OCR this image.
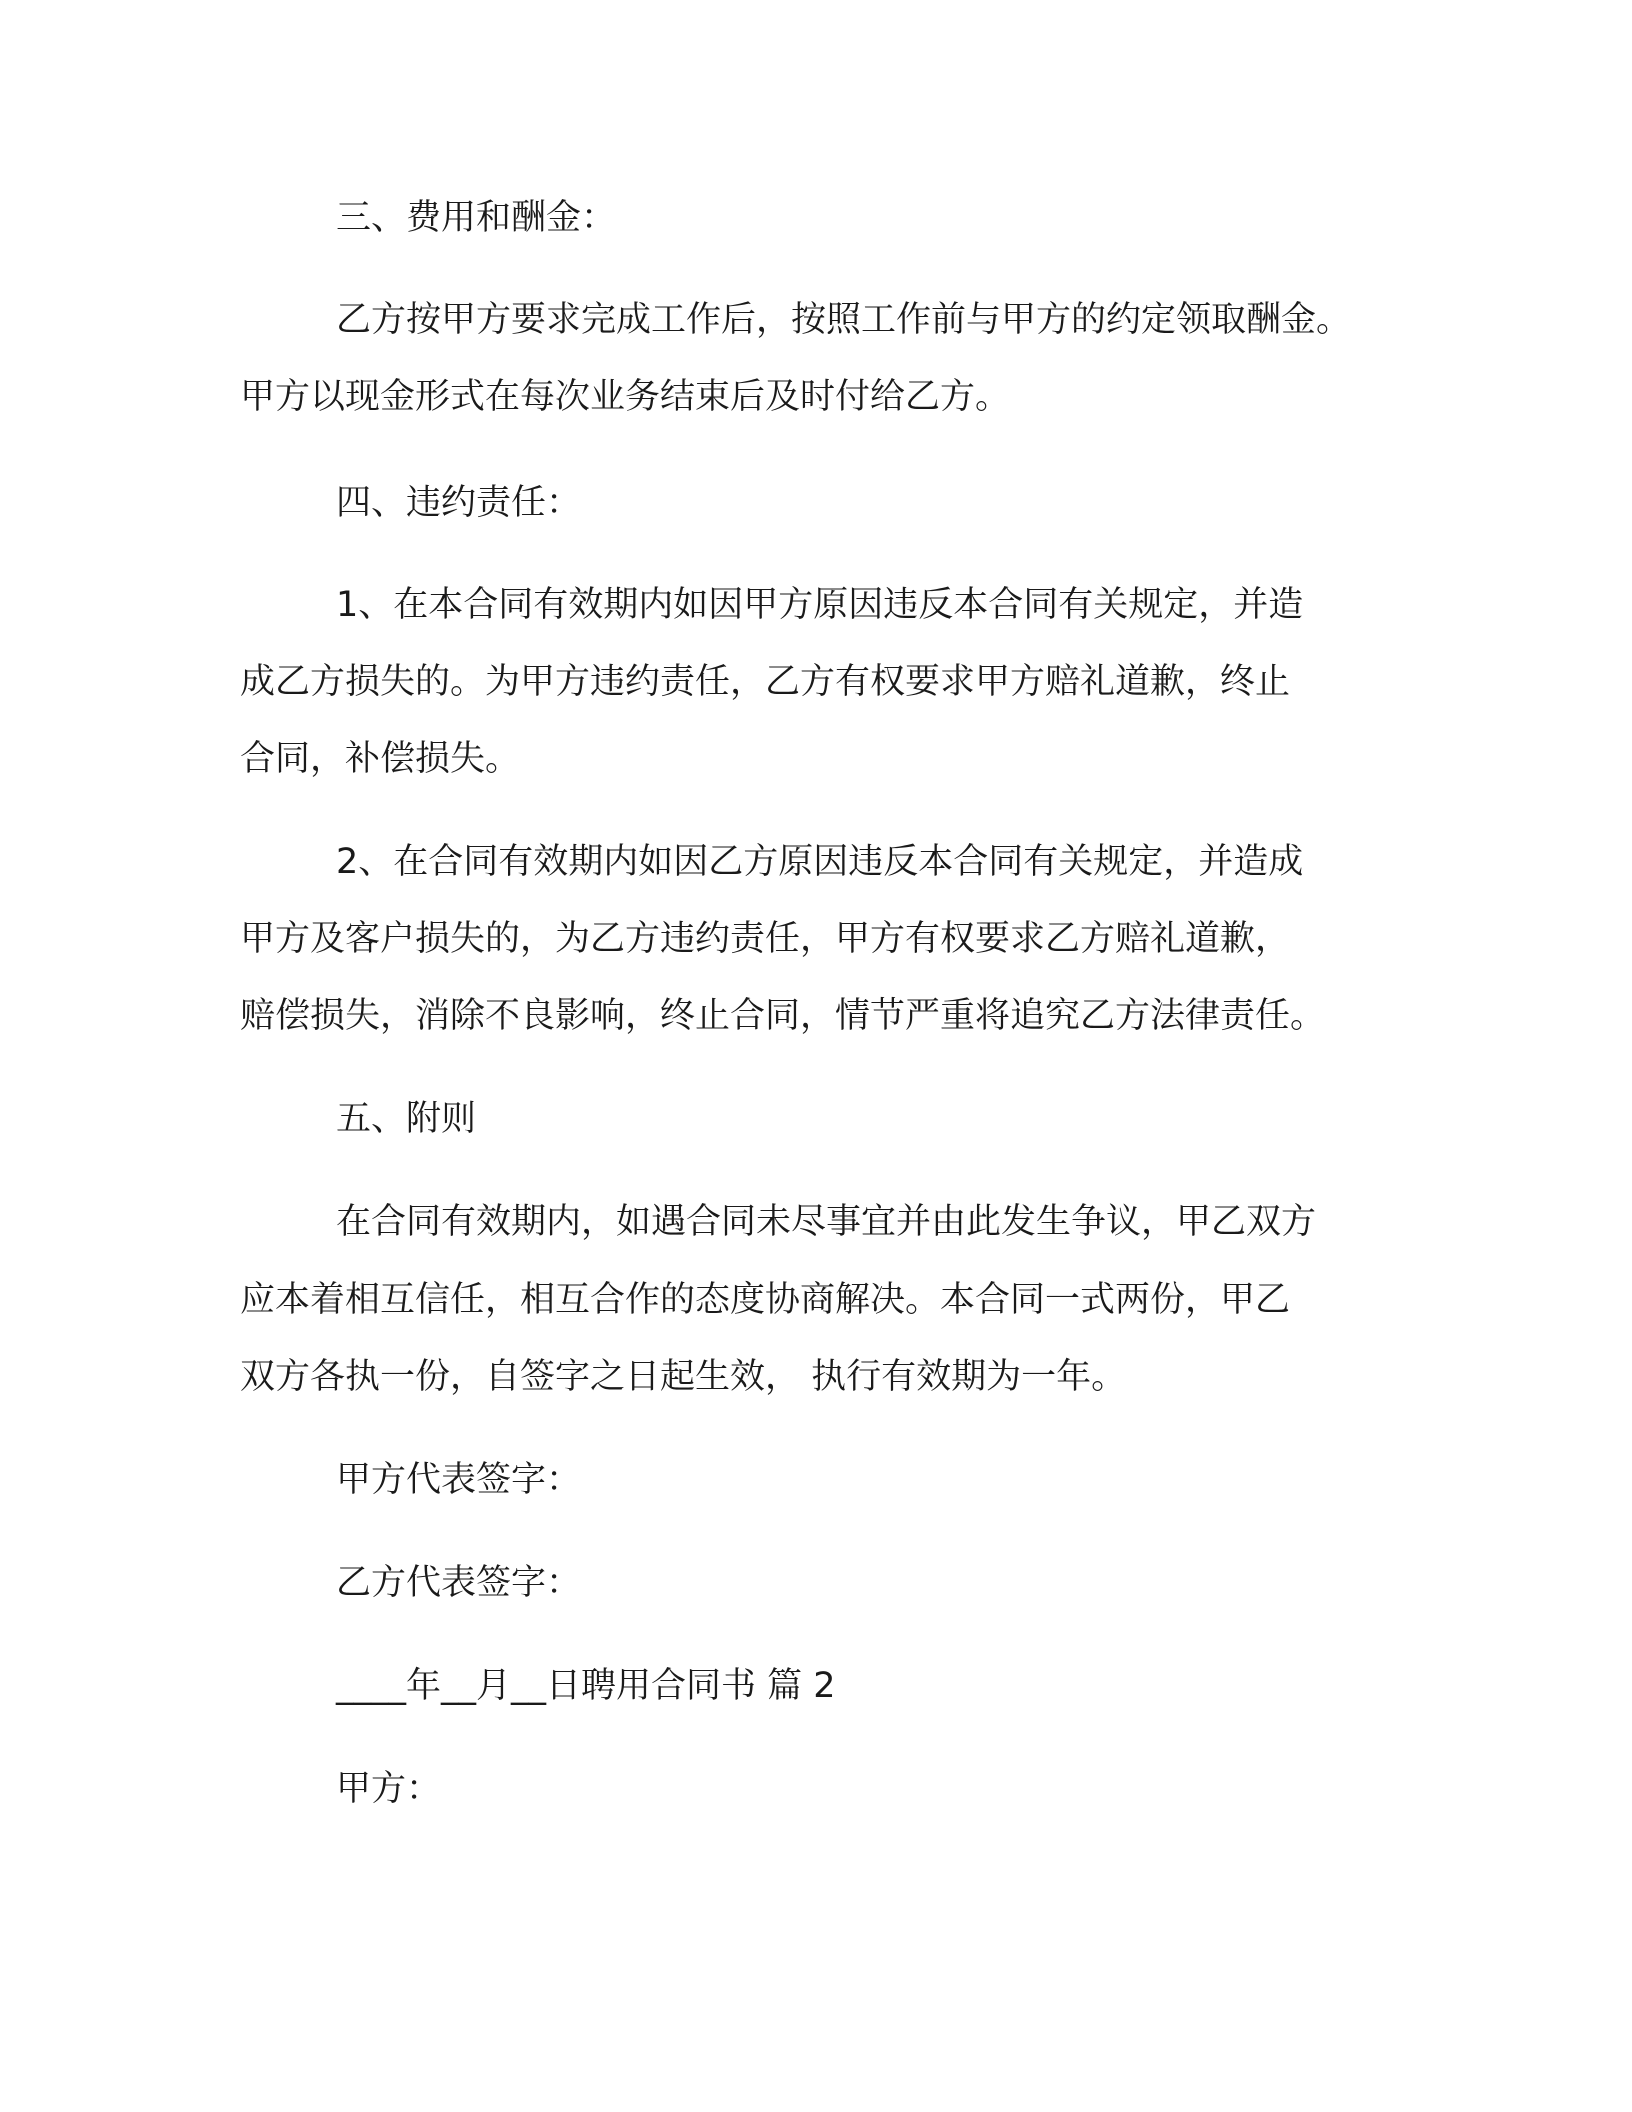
三、费用和酬金：
乙方按甲方要求完成工作后，按照工作前与甲方的约定领取酬金。
甲方以现金形式在每次业务结束后及时付给乙方。
四、违约责任：
1、在本合同有效期内如因甲方原因违反本合同有关规定，并造
成乙方损失的。为甲方违约责任，乙方有权要求甲方赔礼道歉，终止
合同，补偿损失。
2、在合同有效期内如因乙方原因违反本合同有关规定，并造成
甲方及客户损失的，为乙方违约责任，甲方有权要求乙方赔礼道歉，
赔偿损失，消除不良影响，终止合同，情节严重将追究乙方法律责任。
五、附则
在合同有效期内，如遇合同未尽事宜并由此发生争议，甲乙双方
应本着相互信任，相互合作的态度协商解决。本合同一式两份，甲乙
双方各执一份，自签字之日起生效， 执行有效期为一年。
甲方代表签字：
乙方代表签字：
____年__月__日聘用合同书 篇 2
甲方：
